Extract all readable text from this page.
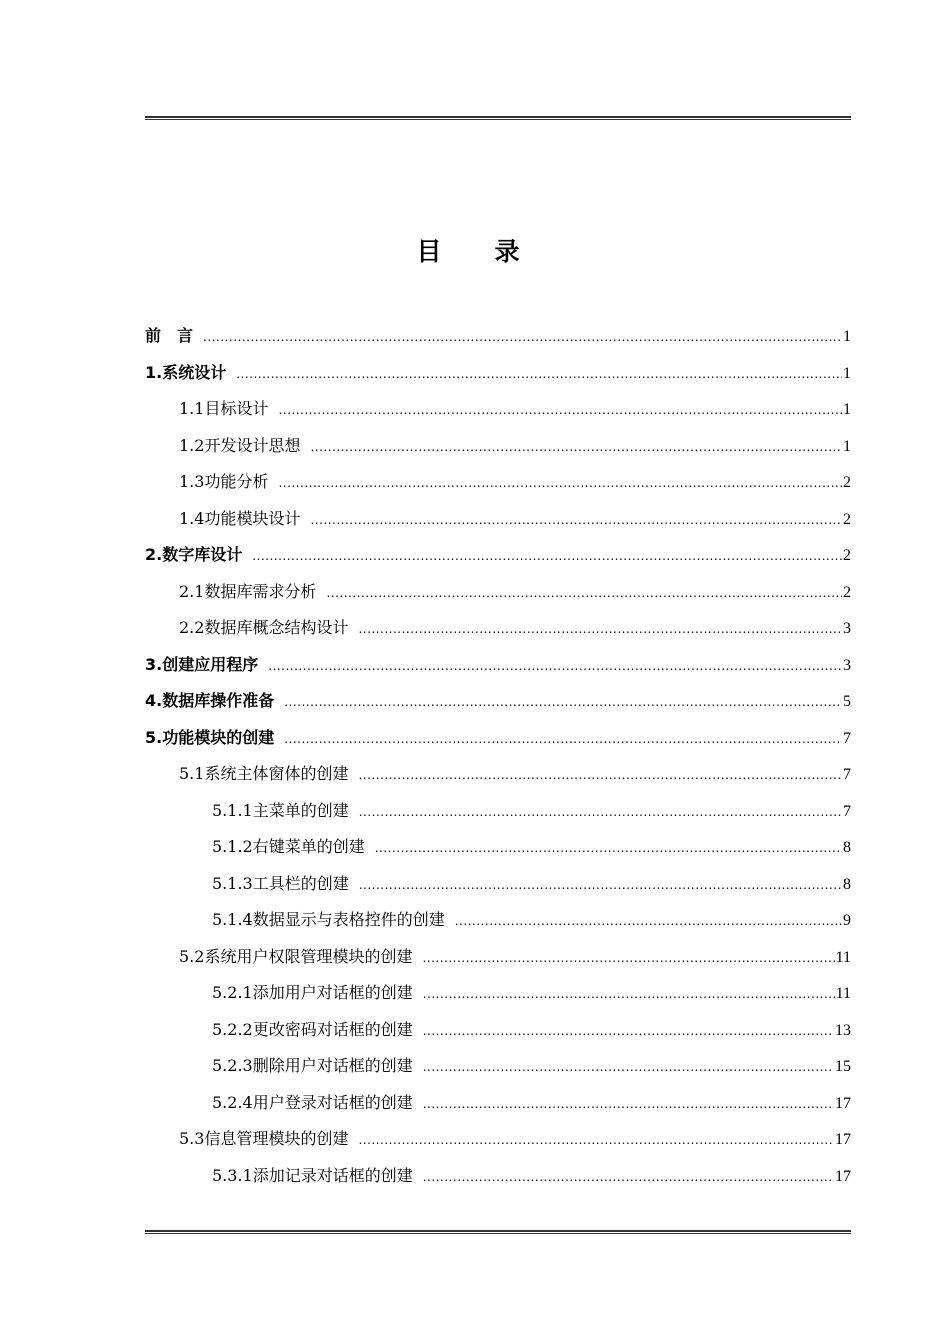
目　录
前　言 .....	1
1.系统设计 .....	1
1.1目标设计 .....	1
1.2开发设计思想 .....	1
1.3功能分析 .....	2
1.4功能模块设计 .....	2
2.数字库设计 .....	2
2.1数据库需求分析 .....	2
2.2数据库概念结构设计 .....	3
3.创建应用程序 .....	3
4.数据库操作准备 .....	5
5.功能模块的创建 .....	7
5.1系统主体窗体的创建 .....	7
5.1.1主菜单的创建 .....	7
5.1.2右键菜单的创建 .....	8
5.1.3工具栏的创建 .....	8
5.1.4数据显示与表格控件的创建 .....	9
5.2系统用户权限管理模块的创建 .....	11
5.2.1添加用户对话框的创建 .....	11
5.2.2更改密码对话框的创建 .....	13
5.2.3删除用户对话框的创建 .....	15
5.2.4用户登录对话框的创建 .....	17
5.3信息管理模块的创建 .....	17
5.3.1添加记录对话框的创建 .....	17
